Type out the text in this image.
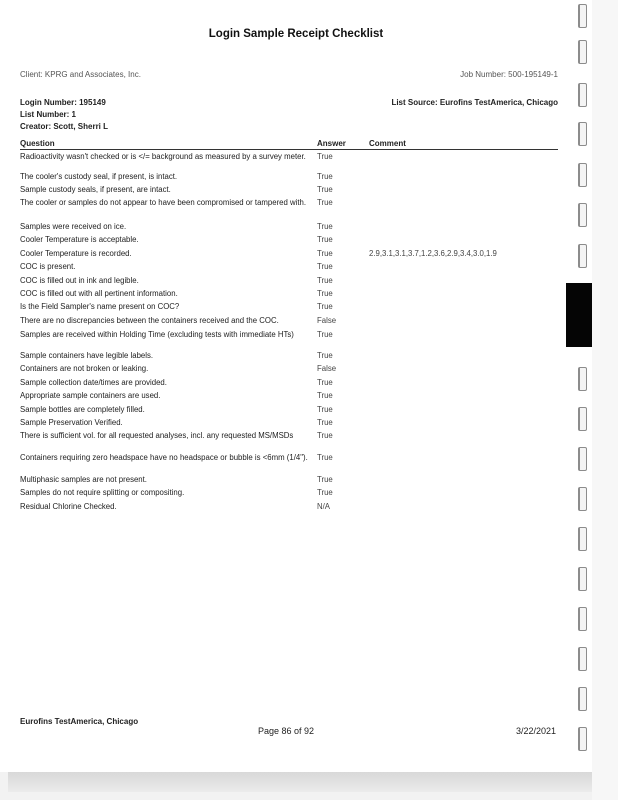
Login Sample Receipt Checklist
Client: KPRG and Associates, Inc.	Job Number: 500-195149-1
Login Number: 195149	List Source: Eurofins TestAmerica, Chicago
List Number: 1
Creator: Scott, Sherri L
Question	Answer	Comment
Radioactivity wasn't checked or is </= background as measured by a survey meter.	True
The cooler's custody seal, if present, is intact.	True
Sample custody seals, if present, are intact.	True
The cooler or samples do not appear to have been compromised or tampered with.	True
Samples were received on ice.	True
Cooler Temperature is acceptable.	True
Cooler Temperature is recorded.	True	2.9,3.1,3.1,3.7,1.2,3.6,2.9,3.4,3.0,1.9
COC is present.	True
COC is filled out in ink and legible.	True
COC is filled out with all pertinent information.	True
Is the Field Sampler's name present on COC?	True
There are no discrepancies between the containers received and the COC.	False
Samples are received within Holding Time (excluding tests with immediate HTs)	True
Sample containers have legible labels.	True
Containers are not broken or leaking.	False
Sample collection date/times are provided.	True
Appropriate sample containers are used.	True
Sample bottles are completely filled.	True
Sample Preservation Verified.	True
There is sufficient vol. for all requested analyses, incl. any requested MS/MSDs	True
Containers requiring zero headspace have no headspace or bubble is <6mm (1/4"). True
Multiphasic samples are not present.	True
Samples do not require splitting or compositing.	True
Residual Chlorine Checked.	N/A
Eurofins TestAmerica, Chicago
Page 86 of 92	3/22/2021
